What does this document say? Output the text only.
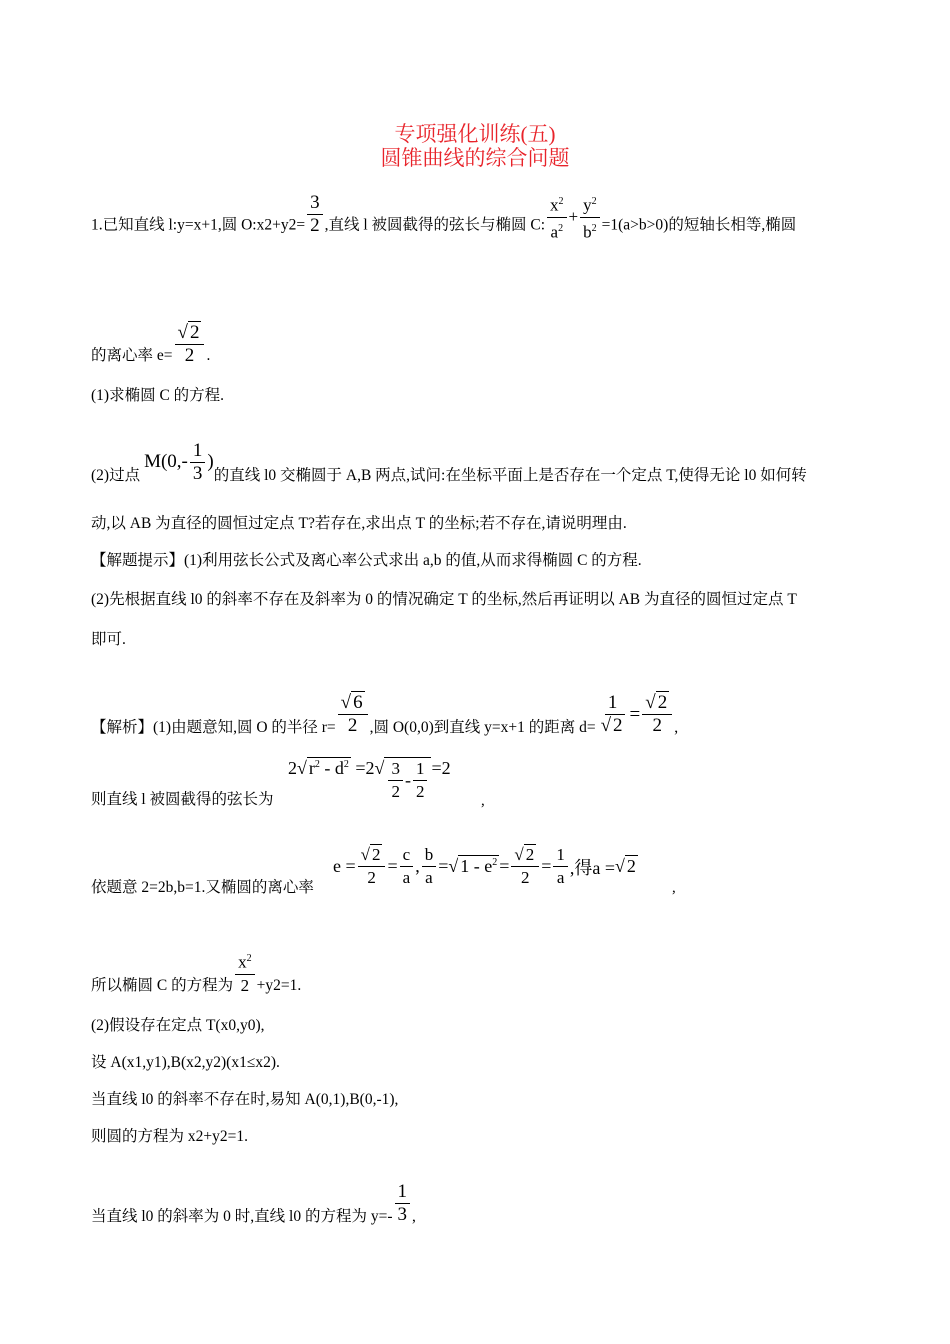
专项强化训练(五)
圆锥曲线的综合问题
1.已知直线 l:y=x+1,圆 O:x2+y2= $\frac{3}{2}$ ,直线 l 被圆截得的弦长与椭圆 C: $\frac{x^2}{a^2} + \frac{y^2}{b^2} =1(a>b>0)$的短轴长相等,椭圆
的离心率 $e= \frac{√ 2}{2}$ .
(1)求椭圆 C 的方程.
(2)过点$M(0,- \frac{1}{3}$ )的直线 l0 交椭圆于 A,B 两点,试问:在坐标平面上是否存在一个定点 T,使得无论 l0 如何转
动,以 AB 为直径的圆恒过定点 T?若存在,求出点 T 的坐标;若不存在,请说明理由.
【解题提示】(1)利用弦长公式及离心率公式求出 a,b 的值,从而求得椭圆 C 的方程.
(2)先根据直线 l0 的斜率不存在及斜率为 0 的情况确定 T 的坐标,然后再证明以 AB 为直径的圆恒过定点 T
即可.
【解析】(1)由题意知,圆 O 的半径 $r= \frac{√ 6}{2}$ ,圆 O(0,0)到直线 y=x+1 的距离 $d= \frac{1}{√ 2} = \frac{√ 2}{2}$ ,
则直线 l 被圆截得的弦长为
2√ $r^2 - d^2 =2√ \frac{3}{2} - \frac{1}{2} =2$
,
依题意 2=2b,b=1.又椭圆的离心率
$e = \frac{√ 2}{2} = \frac{c}{a}$ , $\frac{b}{a}$ = √ $1 - e^2 = \frac{√ 2}{2} = \frac{1}{a}$ ,得a = √ 2
,
所以椭圆 C 的方程为 $\frac{x^2}{2} +y2=1$.
(2)假设存在定点 T(x0,y0),
设 A(x1,y1),B(x2,y2)(x1≤x2).
当直线 l0 的斜率不存在时,易知 A(0,1),B(0,-1),
则圆的方程为 x2+y2=1.
当直线 l0 的斜率为 0 时,直线 l0 的方程为 $y=- \frac{1}{3}$ ,
